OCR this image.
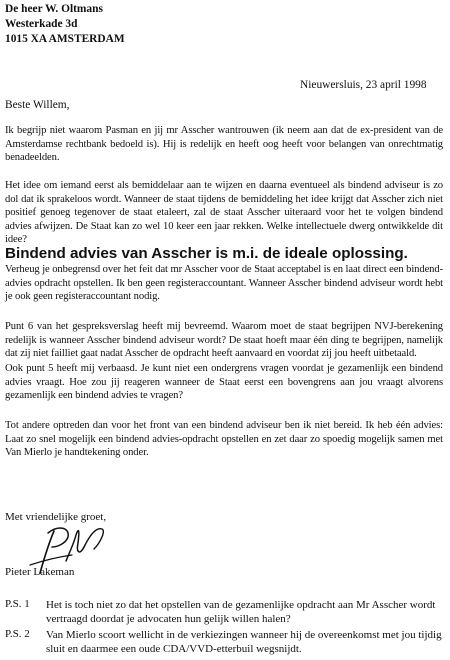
De heer W. Oltmans
Westerkade 3d
1015 XA AMSTERDAM
Nieuwersluis, 23 april 1998
Beste Willem,
Ik begrijp niet waarom Pasman en jij mr Asscher wantrouwen (ik neem aan dat de ex-president van de Amsterdamse rechtbank bedoeld is). Hij is redelijk en heeft oog heeft voor belangen van onrechtmatig benadeelden.
Het idee om iemand eerst als bemiddelaar aan te wijzen en daarna eventueel als bindend adviseur is zo dol dat ik sprakeloos wordt. Wanneer de staat tijdens de bemiddeling het idee krijgt dat Asscher zich niet positief genoeg tegenover de staat etaleert, zal de staat Asscher uiteraard voor het te volgen bindend advies afwijzen. De Staat kan zo wel 10 keer een jaar rekken. Welke intellectuele dwerg ontwikkelde dit idee?
Bindend advies van Asscher is m.i. de ideale oplossing.
Verheug je onbegrensd over het feit dat mr Asscher voor de Staat acceptabel is en laat direct een bindend-advies opdracht opstellen. Ik ben geen registeraccountant. Wanneer Asscher bindend adviseur wordt hebt je ook geen registeraccountant nodig.
Punt 6 van het gespreksverslag heeft mij bevreemd. Waarom moet de staat begrijpen NVJ-berekening redelijk is wanneer Asscher bindend adviseur wordt? De staat hoeft maar één ding te begrijpen, namelijk dat zij niet failliet gaat nadat Asscher de opdracht heeft aanvaard en voordat zij jou heeft uitbetaald.
Ook punt 5 heeft mij verbaasd. Je kunt niet een ondergrens vragen voordat je gezamenlijk een bindend advies vraagt. Hoe zou jij reageren wanneer de Staat eerst een bovengrens aan jou vraagt alvorens gezamenlijk een bindend advies te vragen?
Tot andere optreden dan voor het front van een bindend adviseur ben ik niet bereid. Ik heb één advies: Laat zo snel mogelijk een bindend advies-opdracht opstellen en zet daar zo spoedig mogelijk samen met Van Mierlo je handtekening onder.
Met vriendelijke groet,
Pieter Lakeman
P.S. 1 Het is toch niet zo dat het opstellen van de gezamenlijke opdracht aan Mr Asscher wordt vertraagd doordat je advocaten hun gelijk willen halen?
P.S. 2 Van Mierlo scoort wellicht in de verkiezingen wanneer hij de overeenkomst met jou tijdig sluit en daarmee een oude CDA/VVD-etterbuil wegsnijdt.
